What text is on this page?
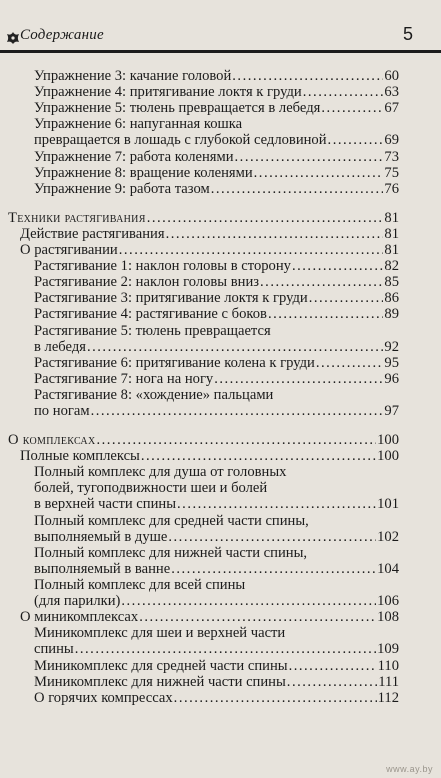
Содержание	5
Упражнение 3: качание головой .....	60
Упражнение 4: притягивание локтя к груди .....	63
Упражнение 5: тюлень превращается в лебедя .....	67
Упражнение 6: напуганная кошка
превращается в лошадь с глубокой седловиной .....	69
Упражнение 7: работа коленями .....	73
Упражнение 8: вращение коленями .....	75
Упражнение 9: работа тазом .....	76
Техники растягивания .....	81
Действие растягивания .....	81
О растягивании .....	81
Растягивание 1: наклон головы в сторону .....	82
Растягивание 2: наклон головы вниз .....	85
Растягивание 3: притягивание локтя к груди .....	86
Растягивание 4: растягивание с боков .....	89
Растягивание 5: тюлень превращается
в лебедя .....	92
Растягивание 6: притягивание колена к груди .....	95
Растягивание 7: нога на ногу .....	96
Растягивание 8: «хождение» пальцами
по ногам .....	97
О комплексах .....	100
Полные комплексы .....	100
Полный комплекс для душа от головных
болей, тугоподвижности шеи и болей
в верхней части спины .....	101
Полный комплекс для средней части спины,
выполняемый в душе .....	102
Полный комплекс для нижней части спины,
выполняемый в ванне .....	104
Полный комплекс для всей спины
(для парилки) .....	106
О миникомплексах .....	108
Миникомплекс для шеи и верхней части
спины .....	109
Миникомплекс для средней части спины .....	110
Миникомплекс для нижней части спины .....	111
О горячих компрессах .....	112
www.ay.by
